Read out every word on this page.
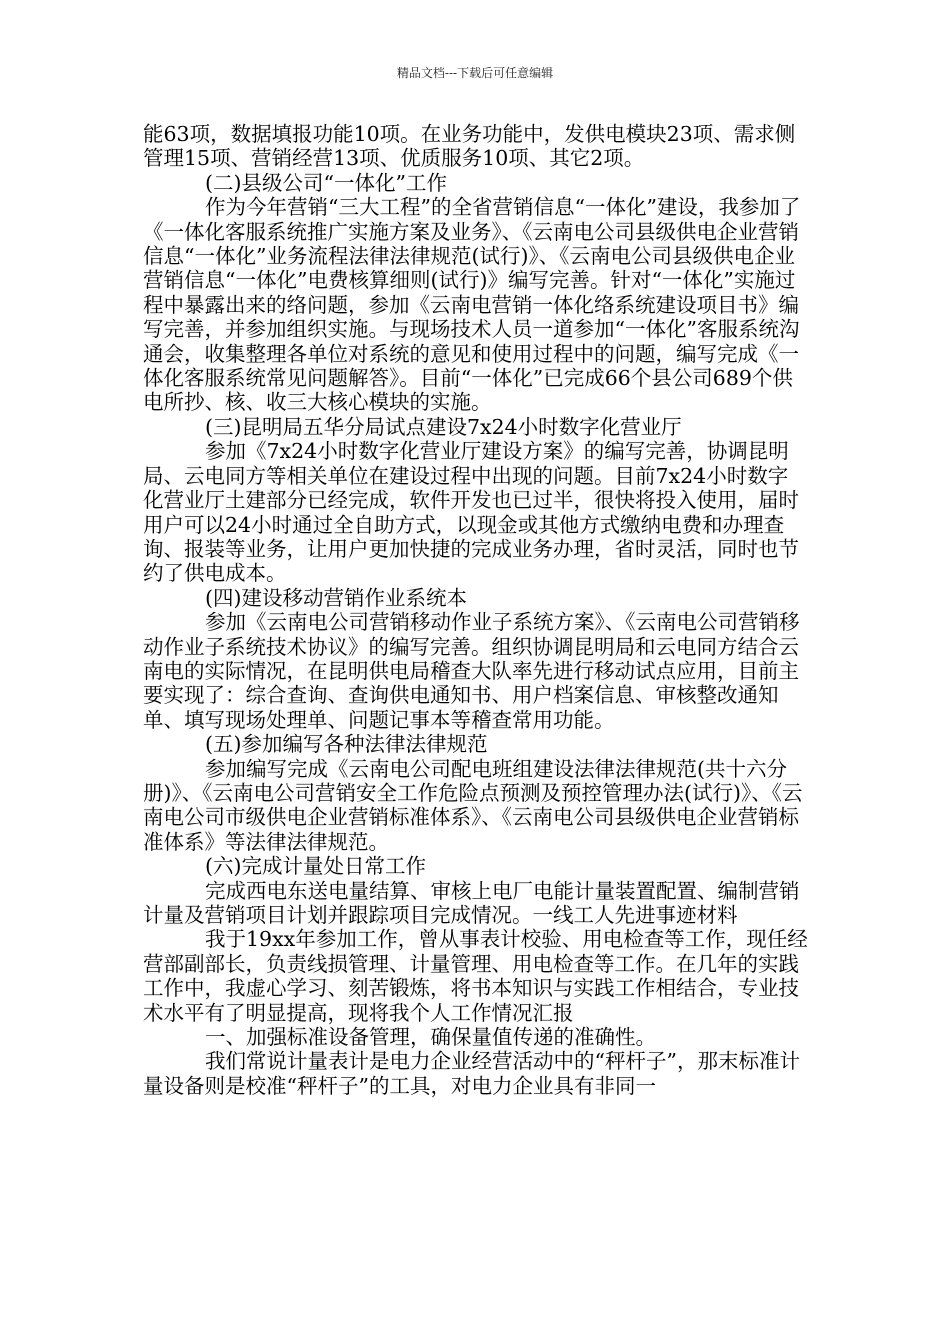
精品文档---下载后可任意编辑

能63项，数据填报功能10项。在业务功能中，发供电模块23项、需求侧管理15项、营销经营13项、优质服务10项、其它2项。

(二)县级公司“一体化”工作

作为今年营销“三大工程”的全省营销信息“一体化”建设，我参加了《一体化客服系统推广实施方案及业务》、《云南电公司县级供电企业营销信息“一体化”业务流程法律法律规范(试行)》、《云南电公司县级供电企业营销信息“一体化”电费核算细则(试行)》编写完善。针对“一体化”实施过程中暴露出来的络问题，参加《云南电营销一体化络系统建设项目书》编写完善，并参加组织实施。与现场技术人员一道参加“一体化”客服系统沟通会，收集整理各单位对系统的意见和使用过程中的问题，编写完成《一体化客服系统常见问题解答》。目前“一体化”已完成66个县公司689个供电所抄、核、收三大核心模块的实施。

(三)昆明局五华分局试点建设7x24小时数字化营业厅

参加《7x24小时数字化营业厅建设方案》的编写完善，协调昆明局、云电同方等相关单位在建设过程中出现的问题。目前7x24小时数字化营业厅土建部分已经完成，软件开发也已过半，很快将投入使用，届时用户可以24小时通过全自助方式，以现金或其他方式缴纳电费和办理查询、报装等业务，让用户更加快捷的完成业务办理，省时灵活，同时也节约了供电成本。

(四)建设移动营销作业系统本

参加《云南电公司营销移动作业子系统方案》、《云南电公司营销移动作业子系统技术协议》的编写完善。组织协调昆明局和云电同方结合云南电的实际情况，在昆明供电局稽查大队率先进行移动试点应用，目前主要实现了：综合查询、查询供电通知书、用户档案信息、审核整改通知单、填写现场处理单、问题记事本等稽查常用功能。

(五)参加编写各种法律法律规范

参加编写完成《云南电公司配电班组建设法律法律规范(共十六分册)》、《云南电公司营销安全工作危险点预测及预控管理办法(试行)》、《云南电公司市级供电企业营销标准体系》、《云南电公司县级供电企业营销标准体系》等法律法律规范。

(六)完成计量处日常工作

完成西电东送电量结算、审核上电厂电能计量装置配置、编制营销计量及营销项目计划并跟踪项目完成情况。一线工人先进事迹材料

我于19xx年参加工作，曾从事表计校验、用电检查等工作，现任经营部副部长，负责线损管理、计量管理、用电检查等工作。在几年的实践工作中，我虚心学习、刻苦锻炼，将书本知识与实践工作相结合，专业技术水平有了明显提高，现将我个人工作情况汇报

一、加强标准设备管理，确保量值传递的准确性。

我们常说计量表计是电力企业经营活动中的“秤杆子”，那末标准计量设备则是校准“秤杆子”的工具，对电力企业具有非同一
